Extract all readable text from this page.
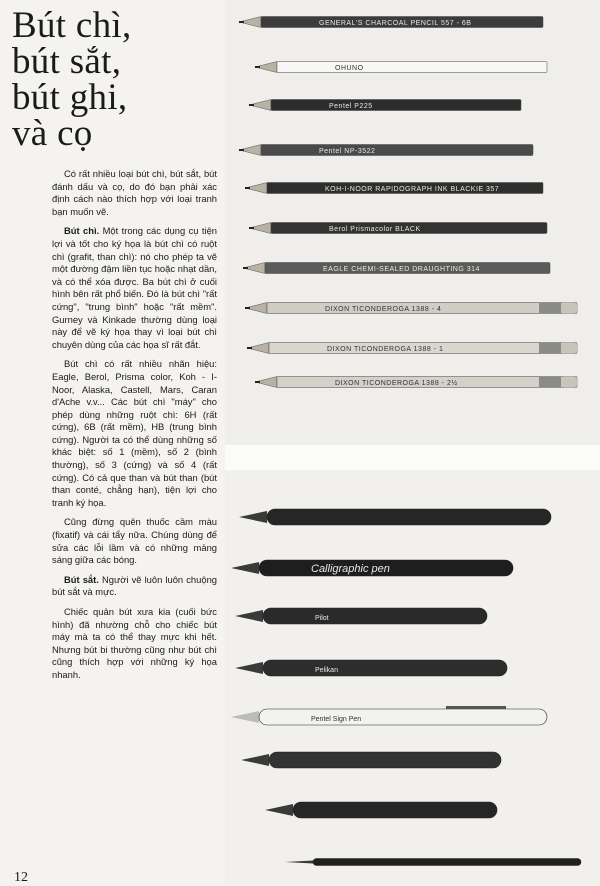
Bút chì,
bút sắt,
bút ghi,
và cọ

Có rất nhiều loại bút chì, bút sắt, bút đánh dấu và cọ, do đó bạn phải xác định cách nào thích hợp với loại tranh bạn muốn vẽ.

Bút chì. Một trong các dụng cụ tiện lợi và tốt cho ký họa là bút chì có ruột chì (grafit, than chì): nó cho phép ta vẽ một đường đậm liền tục hoặc nhạt dần, và có thể xóa được. Ba bút chì ở cuối hình bên rất phổ biến. Đó là bút chì "rất cứng", "trung bình" hoặc "rất mềm". Gurney và Kinkade thường dùng loại này để vẽ ký họa thay vì loại bút chì chuyên dùng của các họa sĩ rất đắt.

Bút chì có rất nhiều nhãn hiệu: Eagle, Berol, Prisma color, Koh - I-Noor, Alaska, Castell, Mars, Caran d'Ache v.v... Các bút chì "máy" cho phép dùng những ruột chì: 6H (rất cứng), 6B (rất mềm), HB (trung bình cứng). Người ta có thể dùng những số khác biệt: số 1 (mềm), số 2 (bình thường), số 3 (cứng) và số 4 (rất cứng). Có cả que than và bút than (bút than conté, chẳng hạn), tiện lợi cho tranh ký họa.

Cũng đừng quên thuốc cầm màu (fixatif) và cái tẩy nữa. Chúng dùng để sửa các lỗi lầm và có những mảng sáng giữa các bóng.

Bút sắt. Người vẽ luôn luôn chuộng bút sắt và mực.

Chiếc quản bút xưa kia (cuối bức hình) đã nhường chỗ cho chiếc bút máy mà ta có thể thay mực khi hết. Nhưng bút bi thường cũng như bút chì cũng thích hợp với những ký họa nhanh.

12
GENERAL'S CHARCOAL PENCIL 557 - 6B
OHUNO
Pentel P225
Pentel NP-3522
KOH-I-NOOR RAPIDOGRAPH INK BLACKIE 357
Berol Prismacolor BLACK
EAGLE CHEMI-SEALED DRAUGHTING 314
DIXON TICONDEROGA 1388 - 4
DIXON TICONDEROGA 1388 - 1
DIXON TICONDEROGA 1388 - 2½
Calligraphic pen
Pilot
Pelikan
Pentel Sign Pen
